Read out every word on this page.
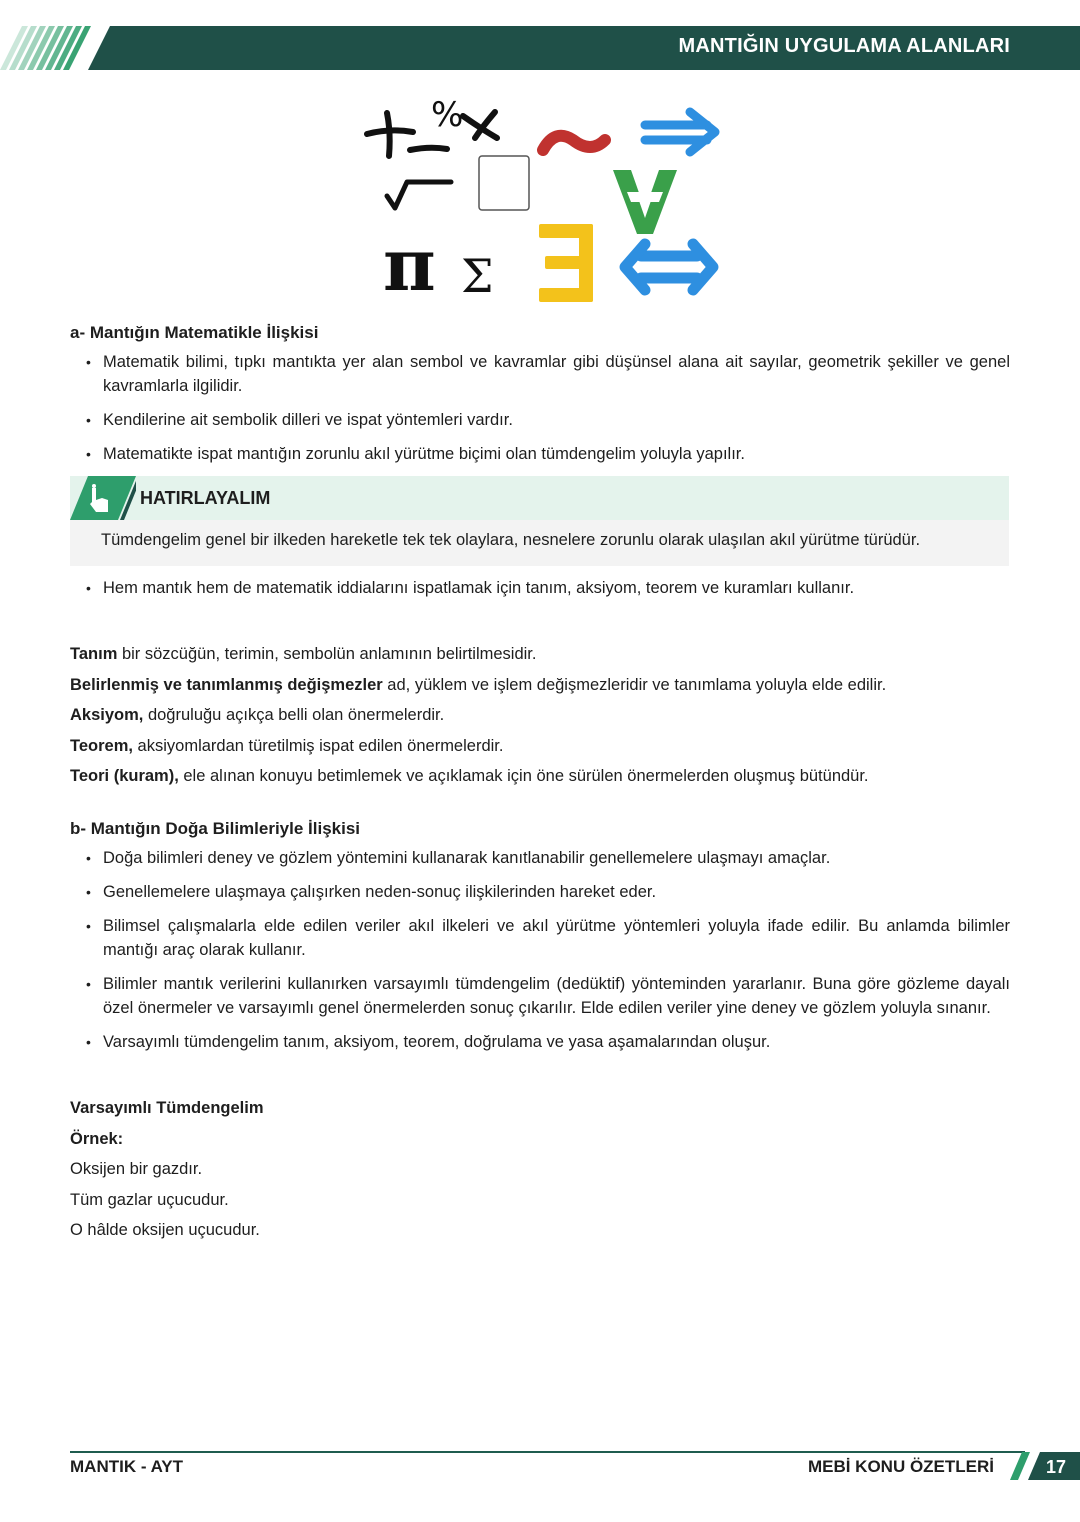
MANTIĞIN UYGULAMA ALANLARI
%
π Σ
a- Mantığın Matematikle İlişkisi
• Matematik bilimi, tıpkı mantıkta yer alan sembol ve kavramlar gibi düşünsel alana ait sayılar, geometrik şekiller ve genel kavramlarla ilgilidir.
• Kendilerine ait sembolik dilleri ve ispat yöntemleri vardır.
• Matematikte ispat mantığın zorunlu akıl yürütme biçimi olan tümdengelim yoluyla yapılır.
HATIRLAYALIM
Tümdengelim genel bir ilkeden hareketle tek tek olaylara, nesnelere zorunlu olarak ulaşılan akıl yürütme türüdür.
• Hem mantık hem de matematik iddialarını ispatlamak için tanım, aksiyom, teorem ve kuramları kullanır.

Tanım bir sözcüğün, terimin, sembolün anlamının belirtilmesidir.

Belirlenmiş ve tanımlanmış değişmezler ad, yüklem ve işlem değişmezleridir ve tanımlama yoluyla elde edilir.

Aksiyom, doğruluğu açıkça belli olan önermelerdir.

Teorem, aksiyomlardan türetilmiş ispat edilen önermelerdir.

Teori (kuram), ele alınan konuyu betimlemek ve açıklamak için öne sürülen önermelerden oluşmuş bütündür.

b- Mantığın Doğa Bilimleriyle İlişkisi
• Doğa bilimleri deney ve gözlem yöntemini kullanarak kanıtlanabilir genellemelere ulaşmayı amaçlar.
• Genellemelere ulaşmaya çalışırken neden-sonuç ilişkilerinden hareket eder.
• Bilimsel çalışmalarla elde edilen veriler akıl ilkeleri ve akıl yürütme yöntemleri yoluyla ifade edilir. Bu anlamda bilimler mantığı araç olarak kullanır.
• Bilimler mantık verilerini kullanırken varsayımlı tümdengelim (dedüktif) yönteminden yararlanır. Buna göre gözleme dayalı özel önermeler ve varsayımlı genel önermelerden sonuç çıkarılır. Elde edilen veriler yine deney ve gözlem yoluyla sınanır.
• Varsayımlı tümdengelim tanım, aksiyom, teorem, doğrulama ve yasa aşamalarından oluşur.

Varsayımlı Tümdengelim

Örnek:

Oksijen bir gazdır.

Tüm gazlar uçucudur.

O hâlde oksijen uçucudur.

MANTIK - AYT	MEBİ KONU ÖZETLERİ	17
